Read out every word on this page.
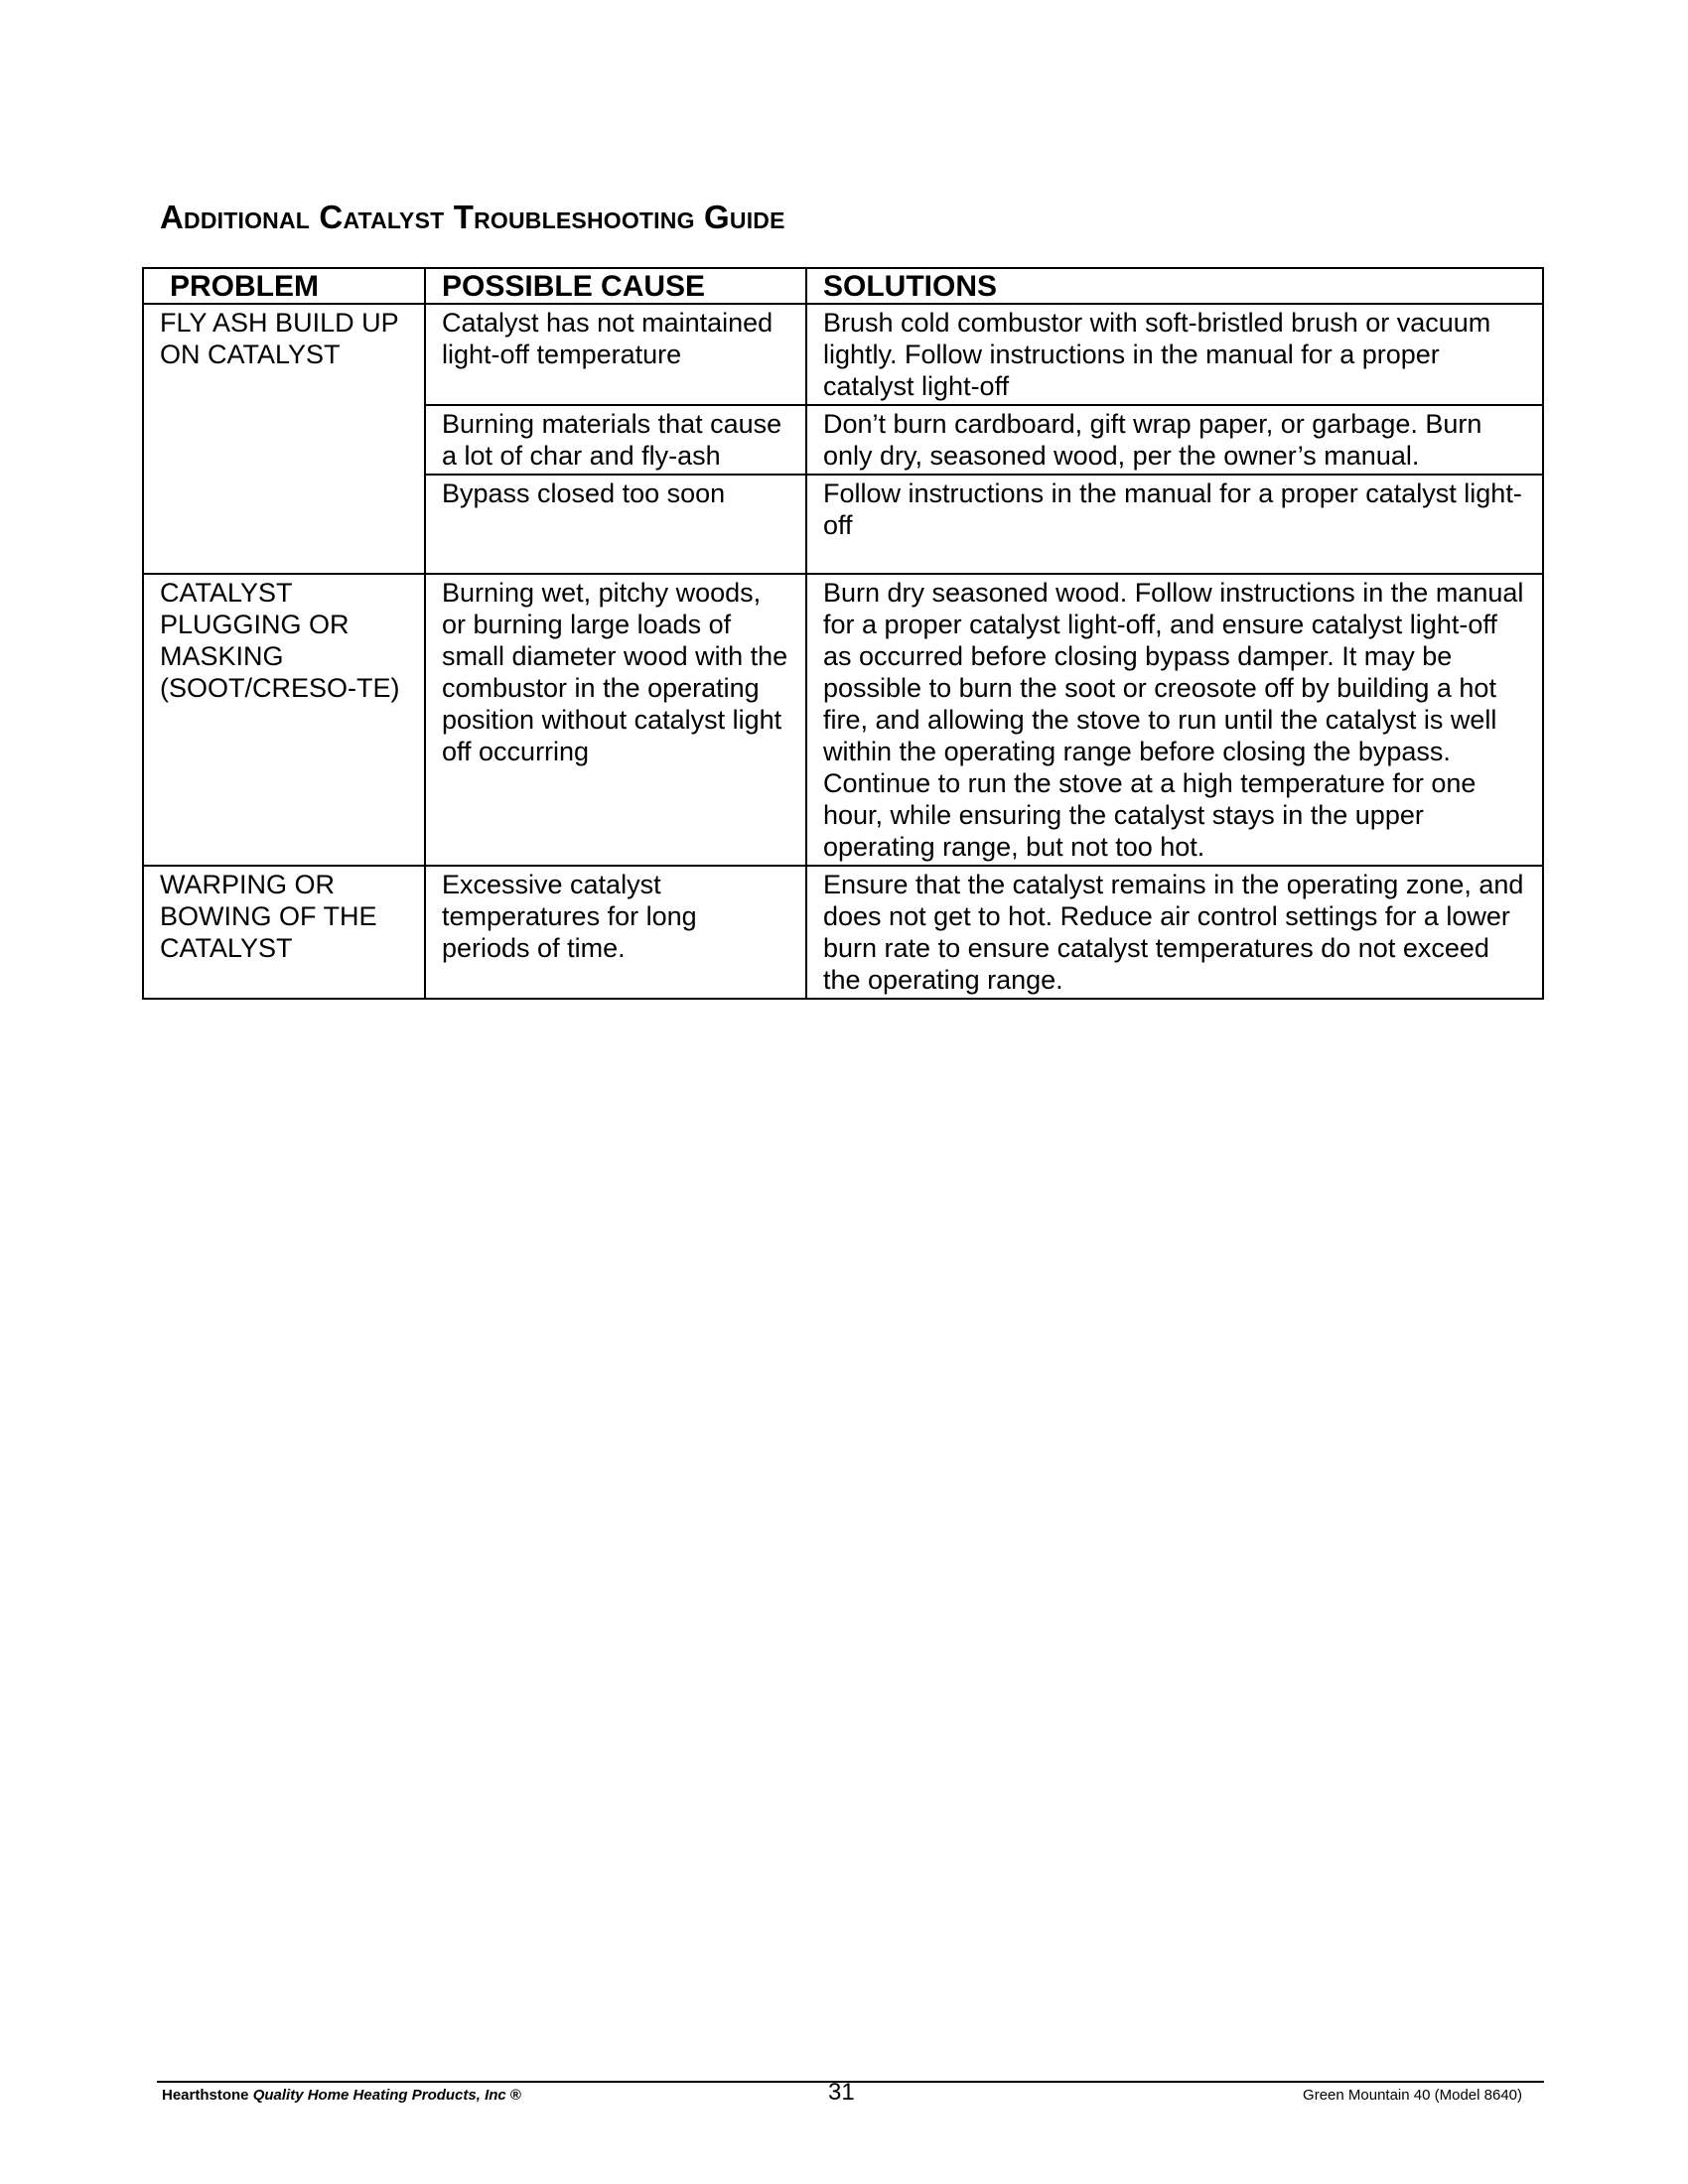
Additional Catalyst Troubleshooting Guide
PROBLEM	POSSIBLE CAUSE	SOLUTIONS
FLY ASH BUILD UP ON CATALYST	Catalyst has not maintained light-off temperature	Brush cold combustor with soft-bristled brush or vacuum lightly. Follow instructions in the manual for a proper catalyst light-off
	Burning materials that cause a lot of char and fly-ash	Don’t burn cardboard, gift wrap paper, or garbage. Burn only dry, seasoned wood, per the owner’s manual.
	Bypass closed too soon	Follow instructions in the manual for a proper catalyst light-off
CATALYST PLUGGING OR MASKING (SOOT/CRESO-TE)	Burning wet, pitchy woods, or burning large loads of small diameter wood with the combustor in the operating position without catalyst light off occurring	Burn dry seasoned wood. Follow instructions in the manual for a proper catalyst light-off, and ensure catalyst light-off as occurred before closing bypass damper. It may be possible to burn the soot or creosote off by building a hot fire, and allowing the stove to run until the catalyst is well within the operating range before closing the bypass. Continue to run the stove at a high temperature for one hour, while ensuring the catalyst stays in the upper operating range, but not too hot.
WARPING OR BOWING OF THE CATALYST	Excessive catalyst temperatures for long periods of time.	Ensure that the catalyst remains in the operating zone, and does not get to hot. Reduce air control settings for a lower burn rate to ensure catalyst temperatures do not exceed the operating range.
Hearthstone Quality Home Heating Products, Inc ®	31	Green Mountain 40 (Model 8640)
